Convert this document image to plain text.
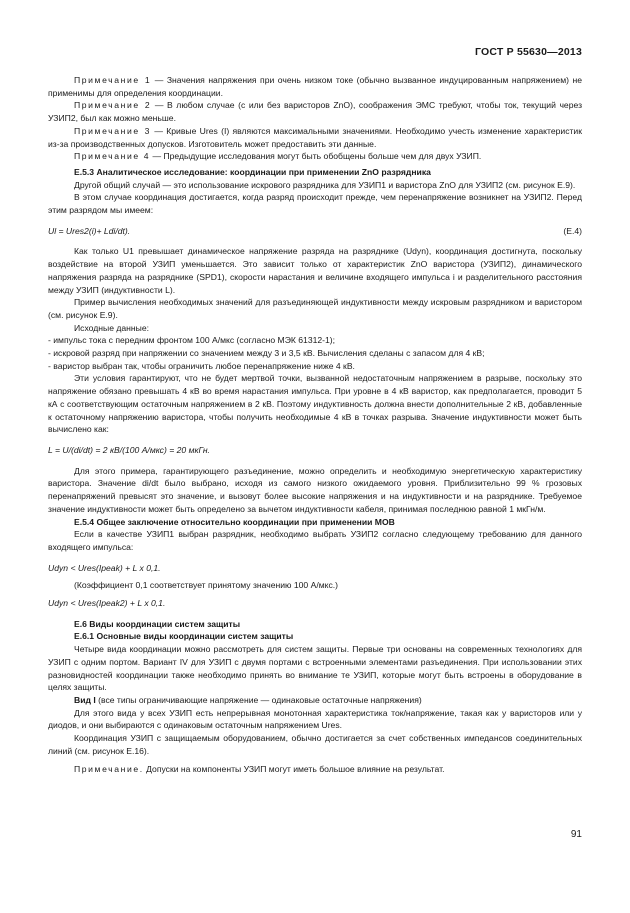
ГОСТ Р 55630—2013

Примечание 1 — Значения напряжения при очень низком токе (обычно вызванное индуцированным напряжением) не применимы для определения координации.

Примечание 2 — В любом случае (с или без варисторов ZnO), соображения ЭМС требуют, чтобы ток, текущий через УЗИП2, был как можно меньше.

Примечание 3 — Кривые Ures (I) являются максимальными значениями. Необходимо учесть изменение характеристик из-за производственных допусков. Изготовитель может предоставить эти данные.

Примечание 4 — Предыдущие исследования могут быть обобщены больше чем для двух УЗИП.

E.5.3 Аналитическое исследование: координации при применении ZnO разрядника

Другой общий случай — это использование искрового разрядника для УЗИП1 и варистора ZnO для УЗИП2 (см. рисунок E.9).

В этом случае координация достигается, когда разряд происходит прежде, чем перенапряжение возникнет на УЗИП2. Перед этим разрядом мы имеем:

Ul = Ures2(i)+ Ldi/dt).	(E.4)

Как только U1 превышает динамическое напряжение разряда на разряднике (Udyn), координация достигнута, поскольку воздействие на второй УЗИП уменьшается. Это зависит только от характеристик ZnO варистора (УЗИП2), динамического напряжения разряда на разряднике (SPD1), скорости нарастания и величине входящего импульса i и разделительного расстояния между УЗИП (индуктивности L).

Пример вычисления необходимых значений для разъединяющей индуктивности между искровым разрядником и варистором (см. рисунок E.9).

Исходные данные:

- импульс тока с передним фронтом 100 А/мкс (согласно МЭК 61312-1);

- искровой разряд при напряжении со значением между 3 и 3,5 кВ. Вычисления сделаны с запасом для 4 кВ;

- варистор выбран так, чтобы ограничить любое перенапряжение ниже 4 кВ.

Эти условия гарантируют, что не будет мертвой точки, вызванной недостаточным напряжением в разрыве, поскольку это напряжение обязано превышать 4 кВ во время нарастания импульса. При уровне в 4 кВ варистор, как предполагается, проводит 5 кА с соответствующим остаточным напряжением в 2 кВ. Поэтому индуктивность должна внести дополнительные 2 кВ, добавленные к остаточному напряжению варистора, чтобы получить необходимые 4 кВ в точках разрыва. Значение индуктивности может быть вычислено как:

L = U/(di/dt) = 2 кВ/(100 А/мкс) = 20 мкГн.

Для этого примера, гарантирующего разъединение, можно определить и необходимую энергетическую характеристику варистора. Значение di/dt было выбрано, исходя из самого низкого ожидаемого уровня. Приблизительно 99 % грозовых перенапряжений превысят это значение, и вызовут более высокие напряжения и на индуктивности и на разряднике. Требуемое значение индуктивности может быть определено за вычетом индуктивности кабеля, принимая последнюю равной 1 мкГн/м.

E.5.4 Общее заключение относительно координации при применении МОВ

Если в качестве УЗИП1 выбран разрядник, необходимо выбрать УЗИП2 согласно следующему требованию для данного входящего импульса:

Udyn < Ures(Ipeak) + L x 0,1.

(Коэффициент 0,1 соответствует принятому значению 100 А/мкс.)

Udyn < Ures(Ipeak2) + L x 0,1.

E.6 Виды координации систем защиты

E.6.1 Основные виды координации систем защиты

Четыре вида координации можно рассмотреть для систем защиты. Первые три основаны на современных технологиях для УЗИП с одним портом. Вариант IV для УЗИП с двумя портами с встроенными элементами разъединения. При использовании этих разновидностей координации также необходимо принять во внимание те УЗИП, которые могут быть встроены в оборудование в целях защиты.

Вид I (все типы ограничивающие напряжение — одинаковые остаточные напряжения)

Для этого вида у всех УЗИП есть непрерывная монотонная характеристика ток/напряжение, такая как у варисторов или у диодов, и они выбираются с одинаковым остаточным напряжением Ures.

Координация УЗИП с защищаемым оборудованием, обычно достигается за счет собственных импедансов соединительных линий (см. рисунок E.16).

Примечание. Допуски на компоненты УЗИП могут иметь большое влияние на результат.

91
